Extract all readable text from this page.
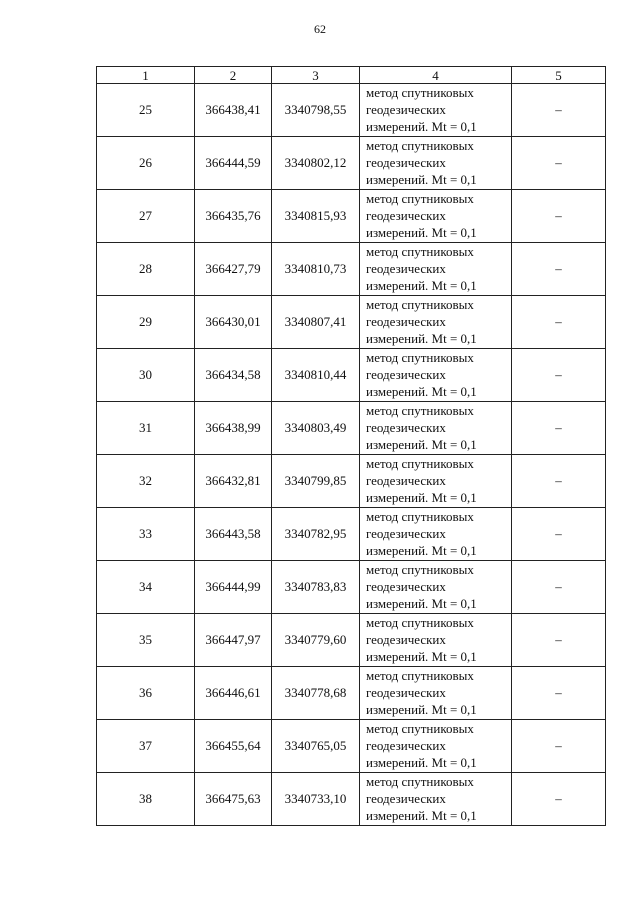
62
1	2	3	4	5
25	366438,41	3340798,55	метод спутниковых
геодезических
измерений. Mt = 0,1	–
26	366444,59	3340802,12	метод спутниковых
геодезических
измерений. Mt = 0,1	–
27	366435,76	3340815,93	метод спутниковых
геодезических
измерений. Mt = 0,1	–
28	366427,79	3340810,73	метод спутниковых
геодезических
измерений. Mt = 0,1	–
29	366430,01	3340807,41	метод спутниковых
геодезических
измерений. Mt = 0,1	–
30	366434,58	3340810,44	метод спутниковых
геодезических
измерений. Mt = 0,1	–
31	366438,99	3340803,49	метод спутниковых
геодезических
измерений. Mt = 0,1	–
32	366432,81	3340799,85	метод спутниковых
геодезических
измерений. Mt = 0,1	–
33	366443,58	3340782,95	метод спутниковых
геодезических
измерений. Mt = 0,1	–
34	366444,99	3340783,83	метод спутниковых
геодезических
измерений. Mt = 0,1	–
35	366447,97	3340779,60	метод спутниковых
геодезических
измерений. Mt = 0,1	–
36	366446,61	3340778,68	метод спутниковых
геодезических
измерений. Mt = 0,1	–
37	366455,64	3340765,05	метод спутниковых
геодезических
измерений. Mt = 0,1	–
38	366475,63	3340733,10	метод спутниковых
геодезических
измерений. Mt = 0,1	–
